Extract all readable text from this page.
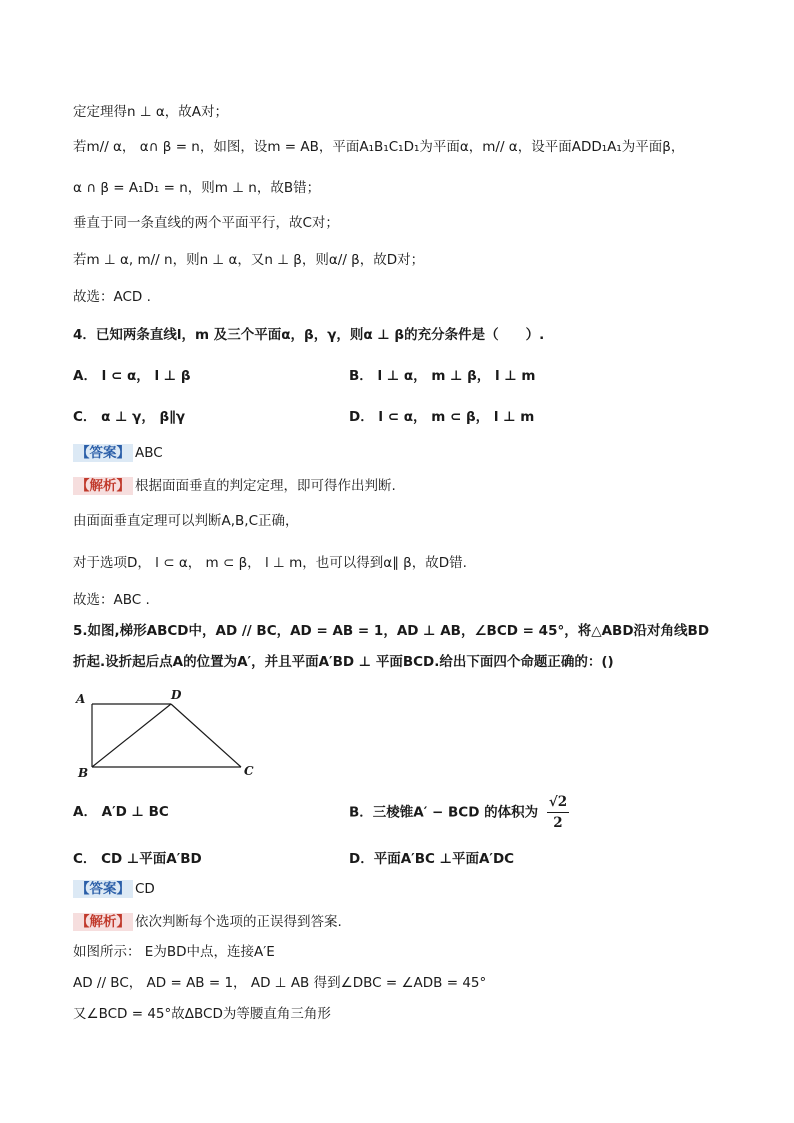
定定理得n ⊥ α，故A对；
若m// α， α∩ β = n，如图，设m = AB，平面A₁B₁C₁D₁为平面α，m// α，设平面ADD₁A₁为平面β，
α ∩ β = A₁D₁ = n，则m ⊥ n，故B错；
垂直于同一条直线的两个平面平行，故C对；
若m ⊥ α, m// n，则n ⊥ α，又n ⊥ β，则α// β，故D对；
故选：ACD .
4．已知两条直线l，m 及三个平面α，β，γ，则α ⊥ β的充分条件是（　　）.
A． l ⊂ α， l ⊥ β	B． l ⊥ α， m ⊥ β， l ⊥ m
C． α ⊥ γ， β∥γ	D． l ⊂ α， m ⊂ β， l ⊥ m
【答案】 ABC
【解析】 根据面面垂直的判定定理，即可得作出判断.
由面面垂直定理可以判断A,B,C正确，
对于选项D， l ⊂ α， m ⊂ β， l ⊥ m，也可以得到α∥ β，故D错.
故选：ABC .
5.如图,梯形ABCD中，AD // BC，AD = AB = 1，AD ⊥ AB，∠BCD = 45°，将△ABD沿对角线BD
折起.设折起后点A的位置为A′，并且平面A′BD ⊥ 平面BCD.给出下面四个命题正确的：()
A	D
B	C
A． A′D ⊥ BC	B．三棱锥A′ − BCD 的体积为 $\frac{√2}{2}$
C． CD ⊥平面A′BD	D．平面A′BC ⊥平面A′DC
【答案】 CD
【解析】 依次判断每个选项的正误得到答案.
如图所示： E为BD中点，连接A′E
AD // BC， AD = AB = 1， AD ⊥ AB 得到∠DBC = ∠ADB = 45°
又∠BCD = 45°故ΔBCD为等腰直角三角形
